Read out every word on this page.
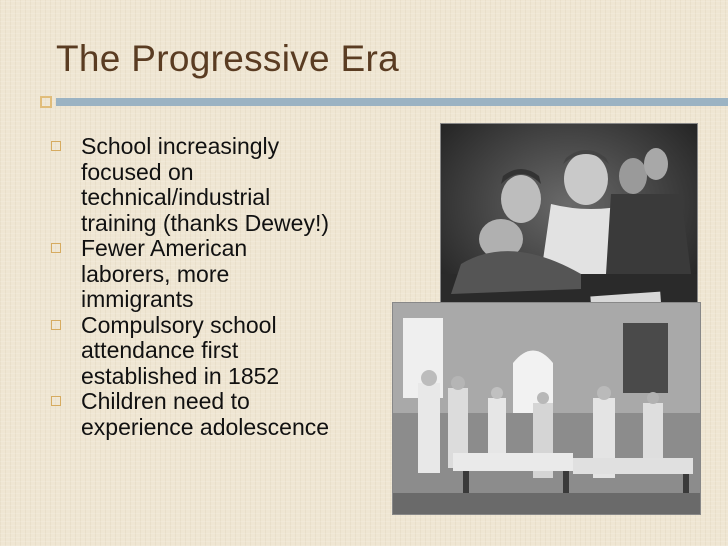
The Progressive Era
School increasingly focused on technical/industrial training (thanks Dewey!)
Fewer American laborers, more immigrants
Compulsory school attendance first established in 1852
Children need to experience adolescence
